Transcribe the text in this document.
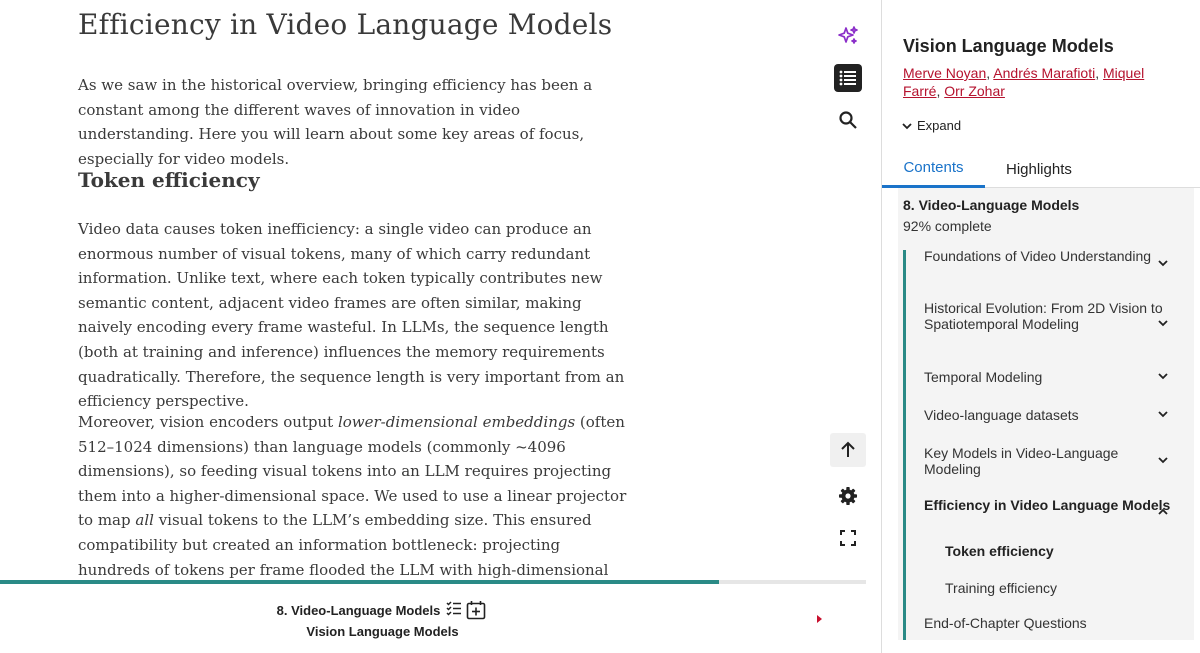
Efficiency in Video Language Models

As we saw in the historical overview, bringing efficiency has been a constant among the different waves of innovation in video understanding. Here you will learn about some key areas of focus, especially for video models.

Token efficiency

Video data causes token inefficiency: a single video can produce an enormous number of visual tokens, many of which carry redundant information. Unlike text, where each token typically contributes new semantic content, adjacent video frames are often similar, making naively encoding every frame wasteful. In LLMs, the sequence length (both at training and inference) influences the memory requirements quadratically. Therefore, the sequence length is very important from an efficiency perspective.

Moreover, vision encoders output lower-dimensional embeddings (often 512–1024 dimensions) than language models (commonly ~4096 dimensions), so feeding visual tokens into an LLM requires projecting them into a higher-dimensional space. We used to use a linear projector to map all visual tokens to the LLM’s embedding size. This ensured compatibility but created an information bottleneck: projecting hundreds of tokens per frame flooded the LLM with high-dimensional

8. Video-Language Models
Vision Language Models
Vision Language Models
Merve Noyan, Andrés Marafioti, Miquel Farré, Orr Zohar
Expand
Contents	Highlights
8. Video-Language Models
92% complete
Foundations of Video Understanding
Historical Evolution: From 2D Vision to Spatiotemporal Modeling
Temporal Modeling
Video-language datasets
Key Models in Video-Language Modeling
Efficiency in Video Language Models
Token efficiency
Training efficiency
End-of-Chapter Questions
